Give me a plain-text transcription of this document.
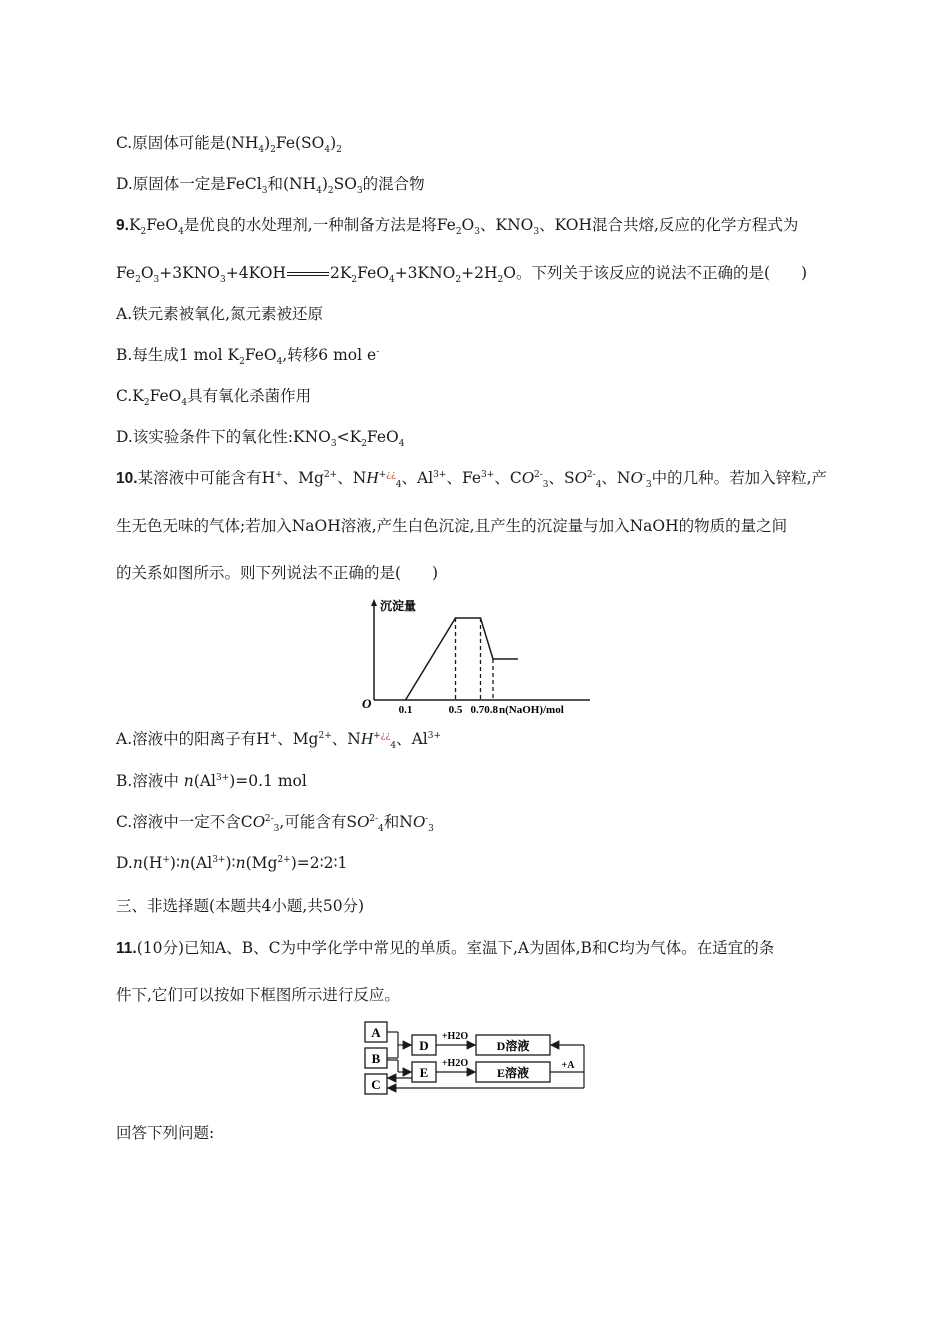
C.原固体可能是$(NH_4)_2Fe(SO_4)_2$
D.原固体一定是FeCl$_3$和$(NH_4)_2SO_3$的混合物
$9.K_2FeO_4$是优良的水处理剂,一种制备方法是将$Fe_2O_3$、$KNO_3$、KOH混合共熔,反应的化学方程式为
$Fe_2O_3+3KNO_3+4KOH$	$2K_2FeO_4+3KNO_2+2H_2O$。下列关于该反应的说法不正确的是(　　)
A.铁元素被氧化,氮元素被还原
B.每生成1 mol $K_2FeO_4$,转移6 mol e-
$C.K_2FeO_4$具有氧化杀菌作用
D.该实验条件下的氧化性$:KNO_3<K_2FeO_4$
10.某溶液中可能含有H+、$Mg^{2+}$、$NH^{+¿¿}_4$、$Al^{3+}$、$Fe^{3+}$、$CO^{2-}_3$、$SO^{2-}_4$、$NO^-_3$中的几种。若加入锌粒,产
生无色无味的气体;若加入NaOH溶液,产生白色沉淀,且产生的沉淀量与加入NaOH的物质的量之间
的关系如图所示。则下列说法不正确的是(　　)
沉淀量
O 0.1	0.5 0.70.8 n(NaOH)/mol
A.溶液中的阳离子有H+、$Mg^{2+}$、$NH^{+¿¿}_4$、$Al^{3+}$
B.溶液中 $n(Al^{3+})=0.1$ mol
C.溶液中一定不含$CO^{2-}_3$,可能含有$SO^{2-}_4$和$NO^-_3$
$D.n(H^+)∶n(Al^{3+})∶n(Mg^{2+})=2∶2∶1$
三、非选择题(本题共4小题,共50分)
11.(10分)已知A、B、C为中学化学中常见的单质。室温下,A为固体,B和C均为气体。在适宜的条
件下,它们可以按如下框图所示进行反应。
A
B
C
D
E
+H2O
+H2O
D溶液
E溶液
+A
回答下列问题:
